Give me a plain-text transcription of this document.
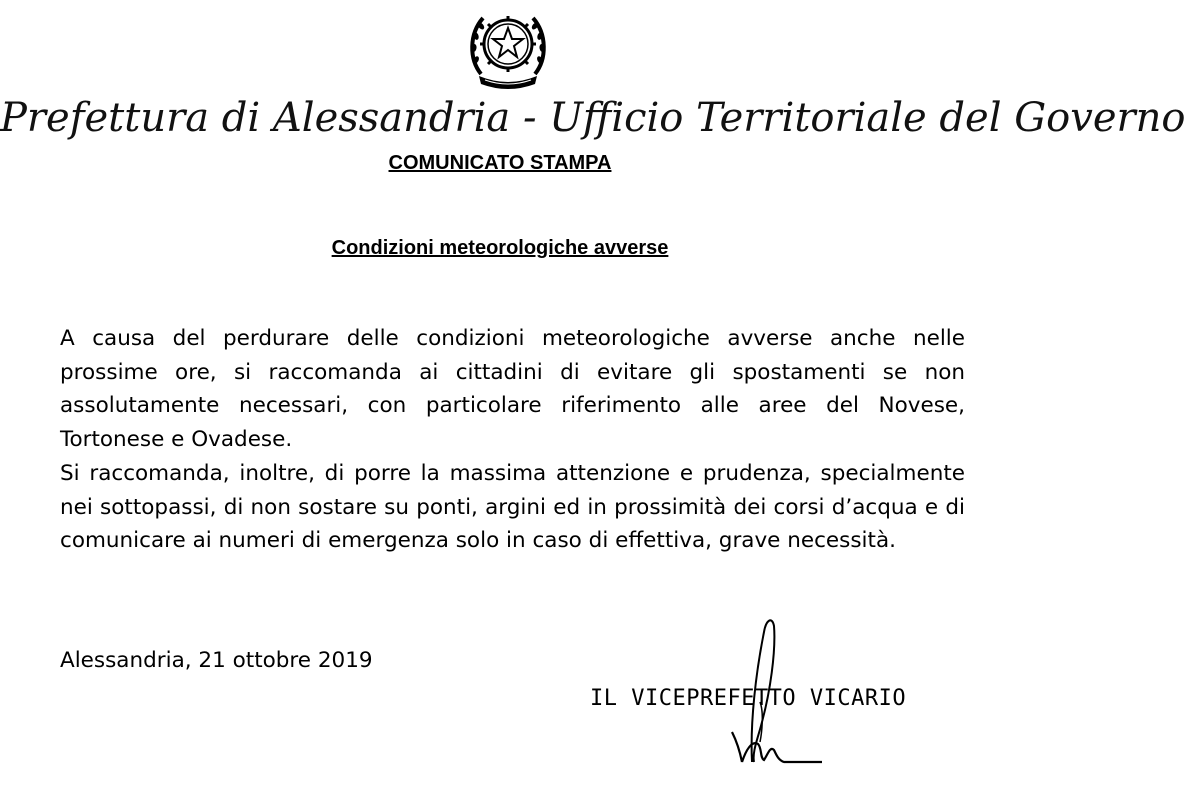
Prefettura di Alessandria - Ufficio Territoriale del Governo
COMUNICATO STAMPA
Condizioni meteorologiche avverse

A causa del perdurare delle condizioni meteorologiche avverse anche nelle prossime ore, si raccomanda ai cittadini di evitare gli spostamenti se non assolutamente necessari, con particolare riferimento alle aree del Novese, Tortonese e Ovadese.

Si raccomanda, inoltre, di porre la massima attenzione e prudenza, specialmente nei sottopassi, di non sostare su ponti, argini ed in prossimità dei corsi d’acqua e di comunicare ai numeri di emergenza solo in caso di effettiva, grave necessità.

Alessandria, 21 ottobre 2019
IL VICEPREFETTO VICARIO
